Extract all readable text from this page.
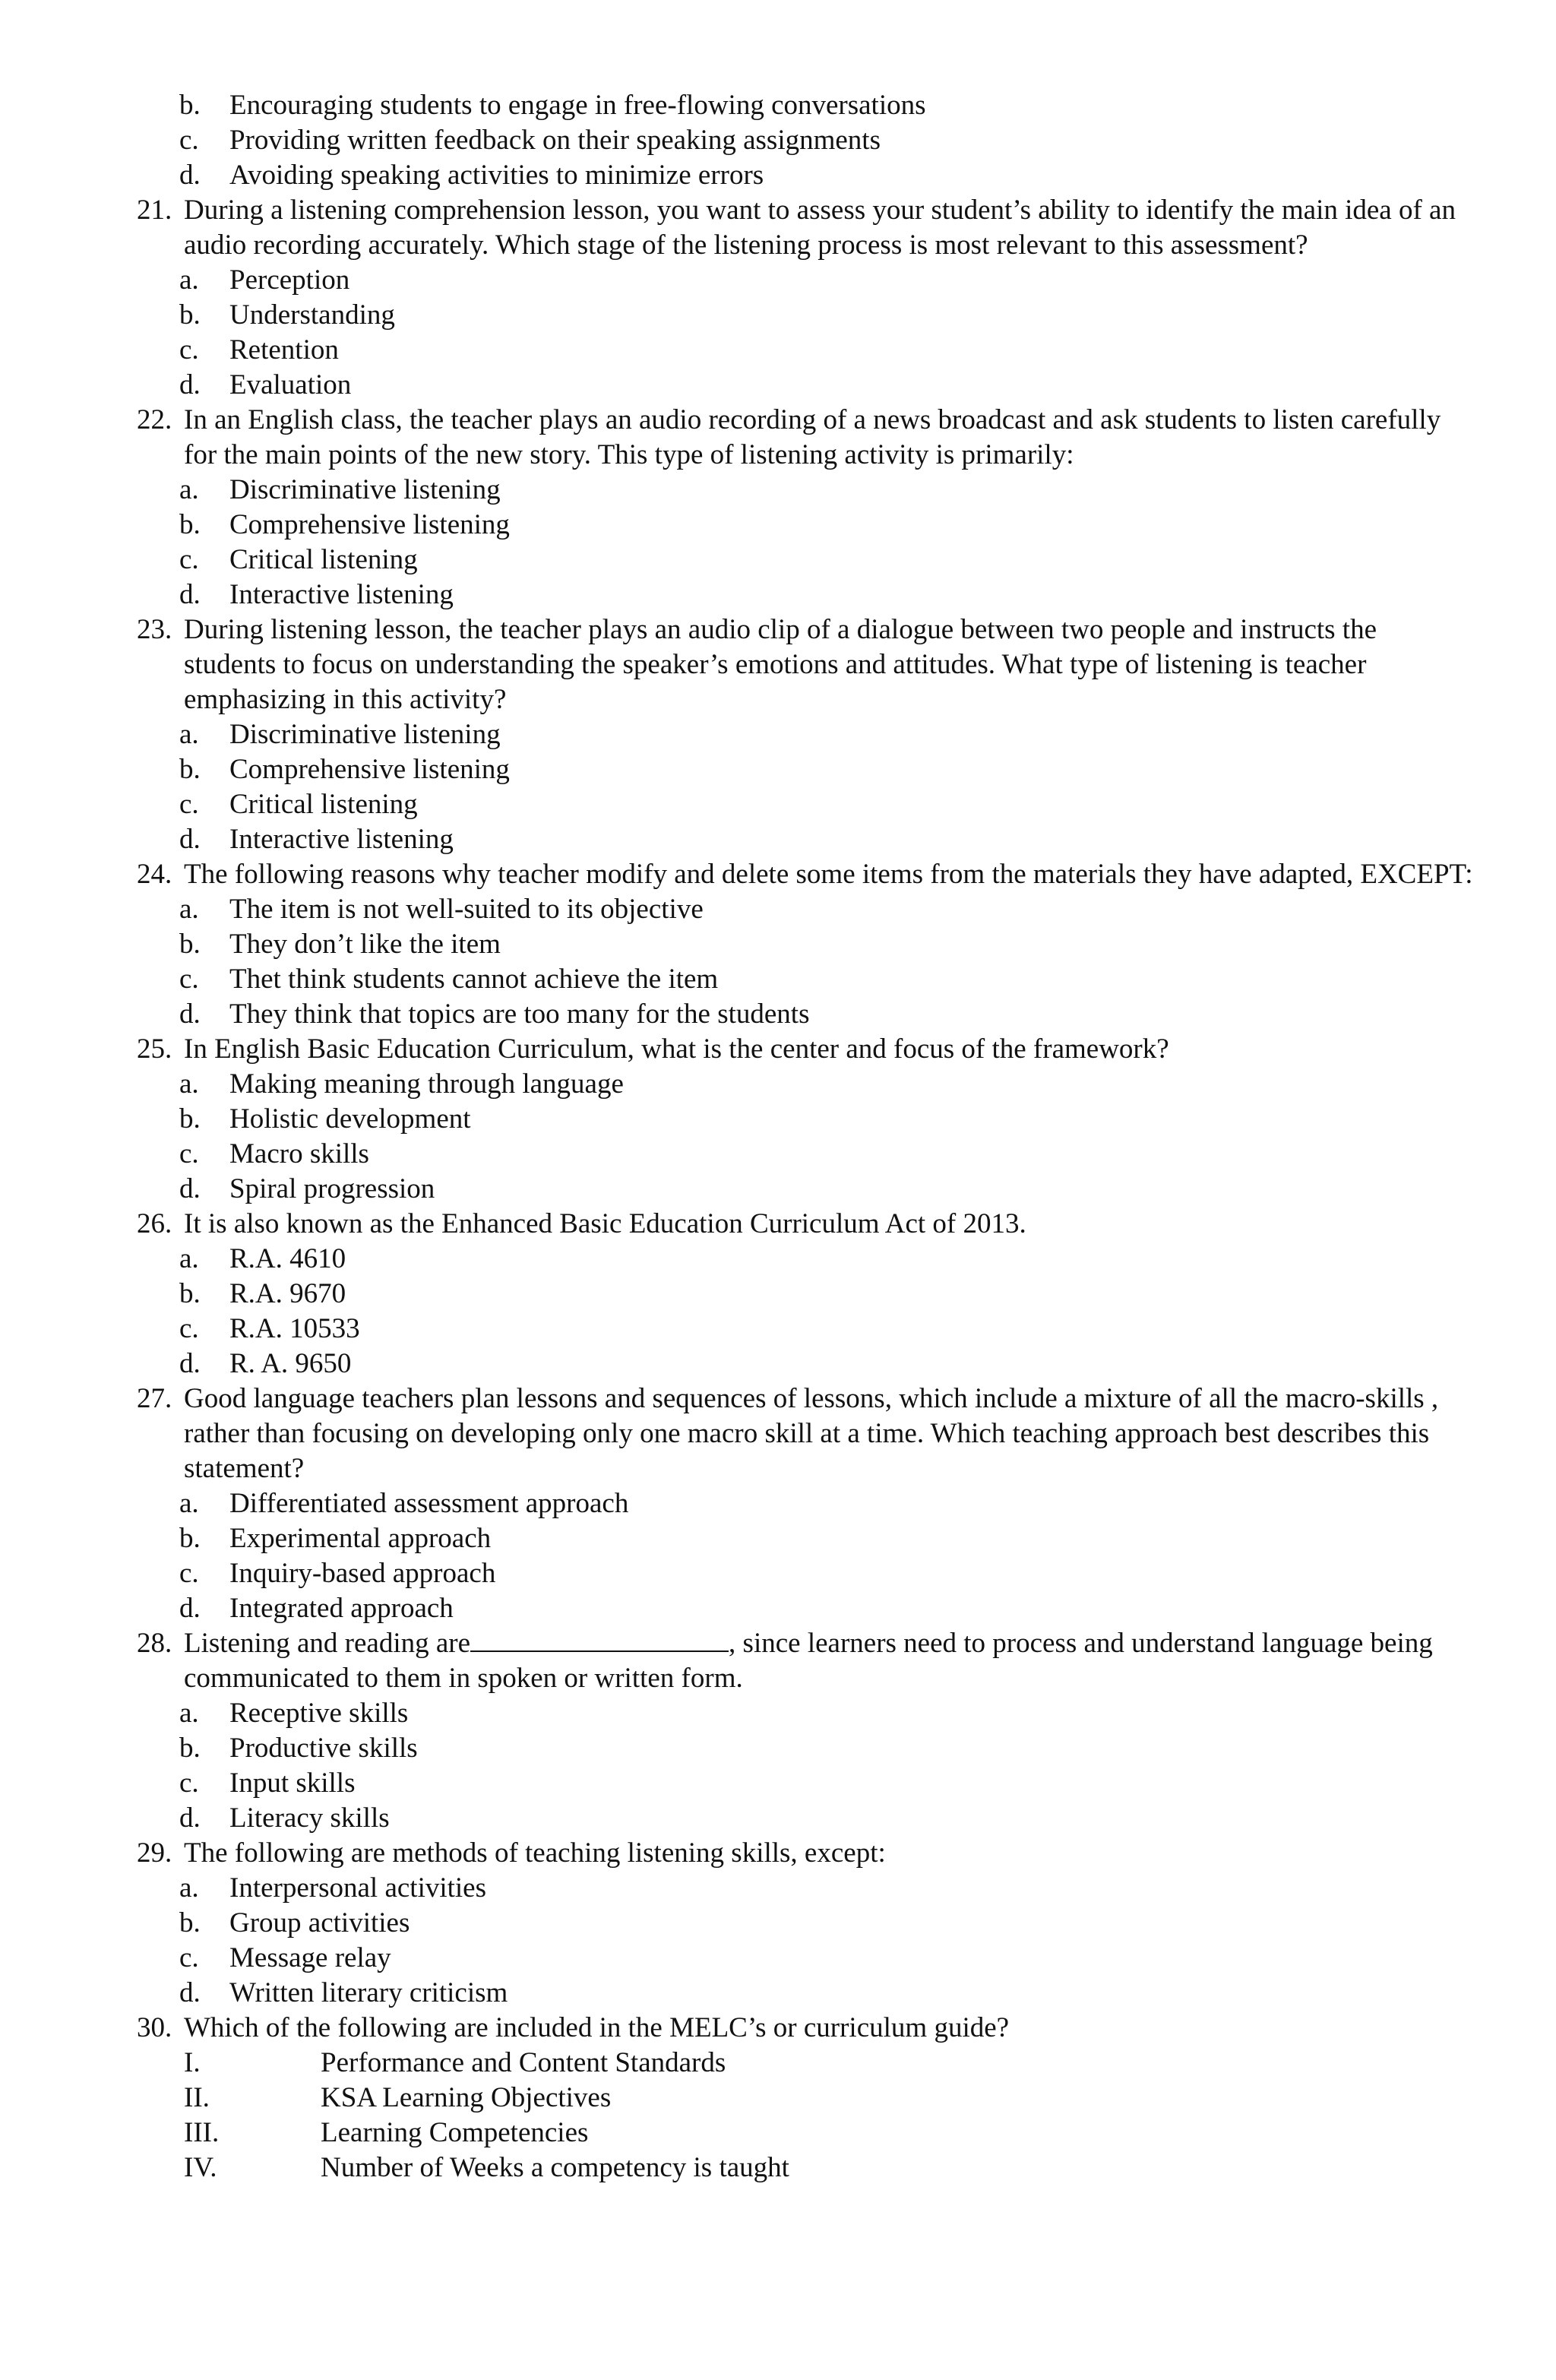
b. Encouraging students to engage in free-flowing conversations
c. Providing written feedback on their speaking assignments
d. Avoiding speaking activities to minimize errors
21. During a listening comprehension lesson, you want to assess your student’s ability to identify the main idea of an audio recording accurately. Which stage of the listening process is most relevant to this assessment?
a. Perception
b. Understanding
c. Retention
d. Evaluation
22. In an English class, the teacher plays an audio recording of a news broadcast and ask students to listen carefully for the main points of the new story. This type of listening activity is primarily:
a. Discriminative listening
b. Comprehensive listening
c. Critical listening
d. Interactive listening
23. During listening lesson, the teacher plays an audio clip of a dialogue between two people and instructs the students to focus on understanding the speaker’s emotions and attitudes. What type of listening is teacher emphasizing in this activity?
a. Discriminative listening
b. Comprehensive listening
c. Critical listening
d. Interactive listening
24. The following reasons why teacher modify and delete some items from the materials they have adapted, EXCEPT:
a. The item is not well-suited to its objective
b. They don’t like the item
c. Thet think students cannot achieve the item
d. They think that topics are too many for the students
25. In English Basic Education Curriculum, what is the center and focus of the framework?
a. Making meaning through language
b. Holistic development
c. Macro skills
d. Spiral progression
26. It is also known as the Enhanced Basic Education Curriculum Act of 2013.
a. R.A. 4610
b. R.A. 9670
c. R.A. 10533
d. R. A. 9650
27. Good language teachers plan lessons and sequences of lessons, which include a mixture of all the macro-skills , rather than focusing on developing only one macro skill at a time. Which teaching approach best describes this statement?
a. Differentiated assessment approach
b. Experimental approach
c. Inquiry-based approach
d. Integrated approach
28. Listening and reading are	, since learners need to process and understand language being communicated to them in spoken or written form.
a. Receptive skills
b. Productive skills
c. Input skills
d. Literacy skills
29. The following are methods of teaching listening skills, except:
a. Interpersonal activities
b. Group activities
c. Message relay
d. Written literary criticism
30. Which of the following are included in the MELC’s or curriculum guide?
I.	Performance and Content Standards
II.	KSA Learning Objectives
III.	Learning Competencies
IV.	Number of Weeks a competency is taught
